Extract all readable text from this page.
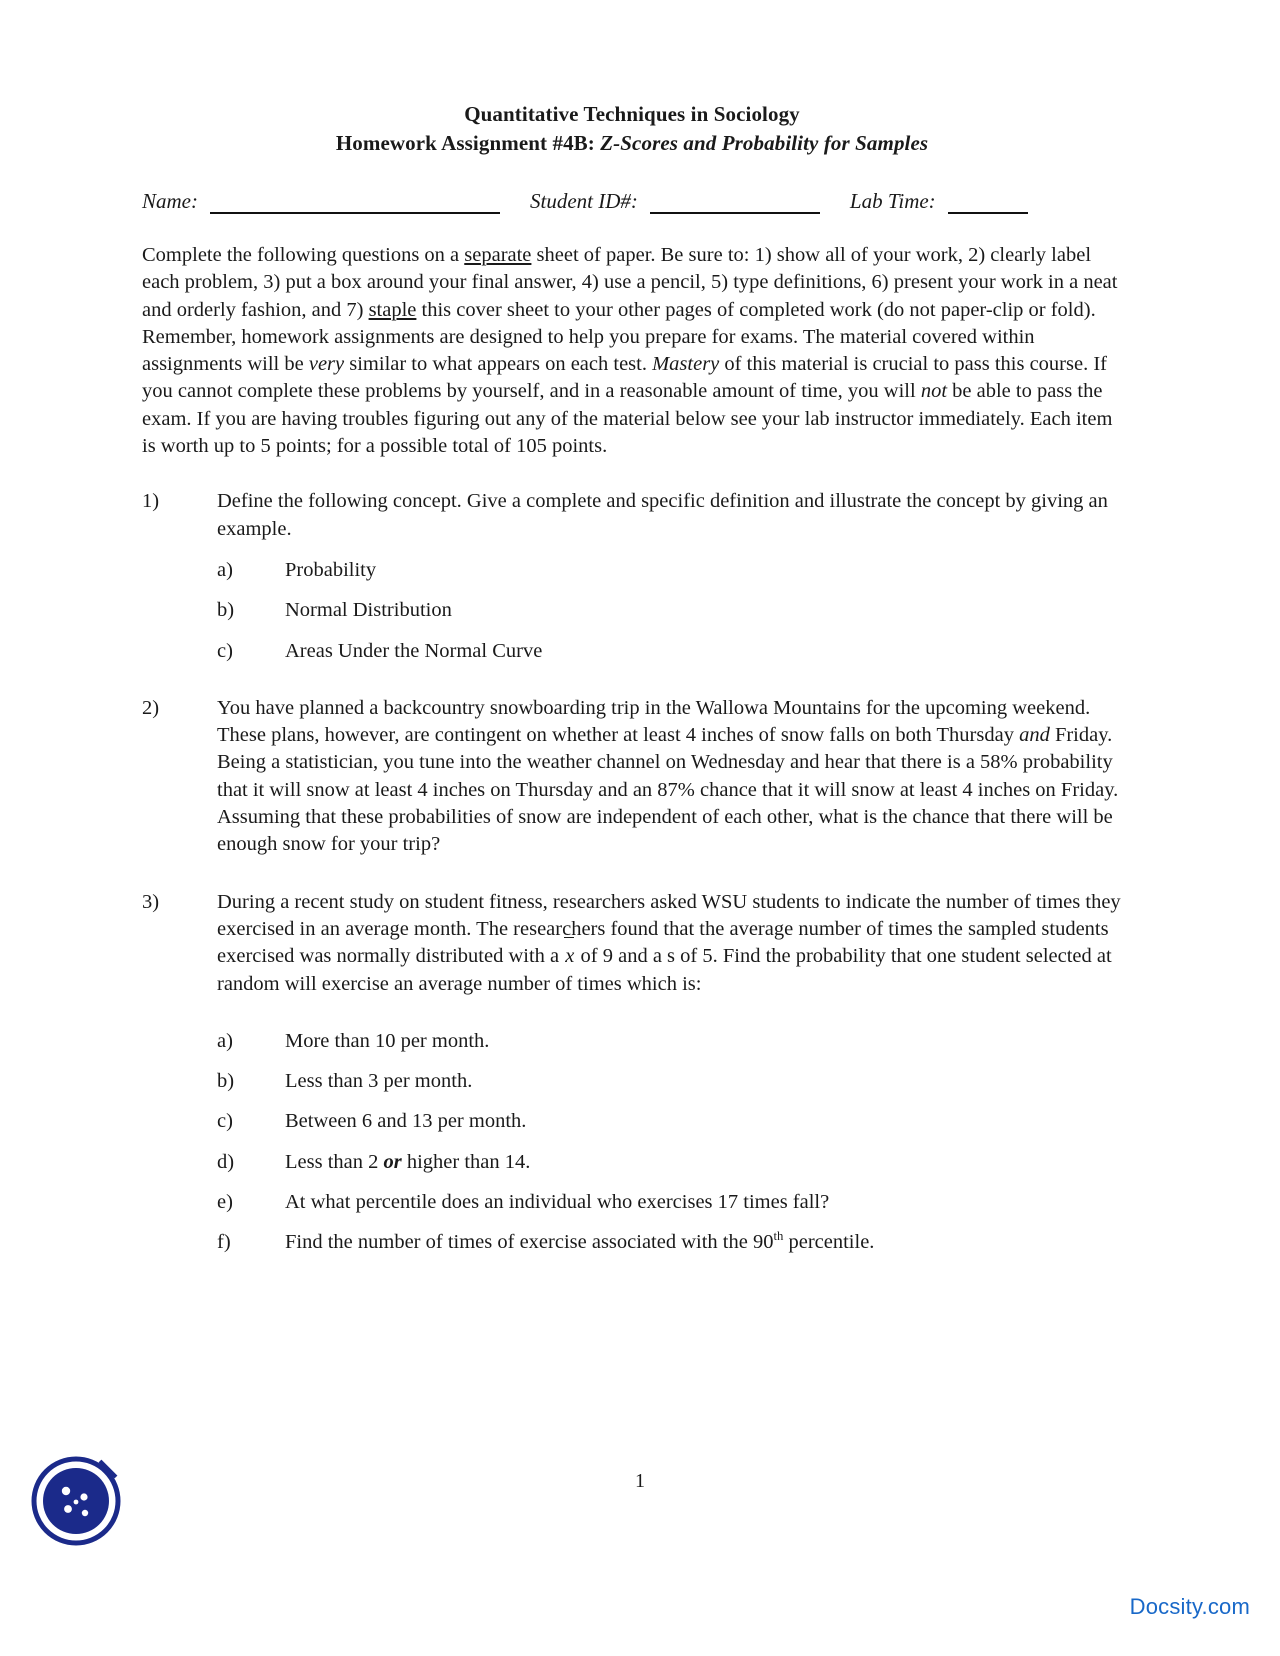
Quantitative Techniques in Sociology
Homework Assignment #4B: Z-Scores and Probability for Samples
Name:	Student ID#:	Lab Time:

Complete the following questions on a separate sheet of paper. Be sure to: 1) show all of your work, 2) clearly label each problem, 3) put a box around your final answer, 4) use a pencil, 5) type definitions, 6) present your work in a neat and orderly fashion, and 7) staple this cover sheet to your other pages of completed work (do not paper-clip or fold). Remember, homework assignments are designed to help you prepare for exams. The material covered within assignments will be very similar to what appears on each test. Mastery of this material is crucial to pass this course. If you cannot complete these problems by yourself, and in a reasonable amount of time, you will not be able to pass the exam. If you are having troubles figuring out any of the material below see your lab instructor immediately. Each item is worth up to 5 points; for a possible total of 105 points.

1)	Define the following concept. Give a complete and specific definition and illustrate the concept by giving an example.
a)	Probability
b)	Normal Distribution
c)	Areas Under the Normal Curve
2)	You have planned a backcountry snowboarding trip in the Wallowa Mountains for the upcoming weekend. These plans, however, are contingent on whether at least 4 inches of snow falls on both Thursday and Friday. Being a statistician, you tune into the weather channel on Wednesday and hear that there is a 58% probability that it will snow at least 4 inches on Thursday and an 87% chance that it will snow at least 4 inches on Friday. Assuming that these probabilities of snow are independent of each other, what is the chance that there will be enough snow for your trip?
3)	During a recent study on student fitness, researchers asked WSU students to indicate the number of times they exercised in an average month. The researchers found that the average number of times the sampled students exercised was normally distributed with a x of 9 and a s of 5. Find the probability that one student selected at random will exercise an average number of times which is:
a)	More than 10 per month.
b)	Less than 3 per month.
c)	Between 6 and 13 per month.
d)	Less than 2 or higher than 14.
e)	At what percentile does an individual who exercises 17 times fall?
f)	Find the number of times of exercise associated with the 90th percentile.
1
Docsity.com
